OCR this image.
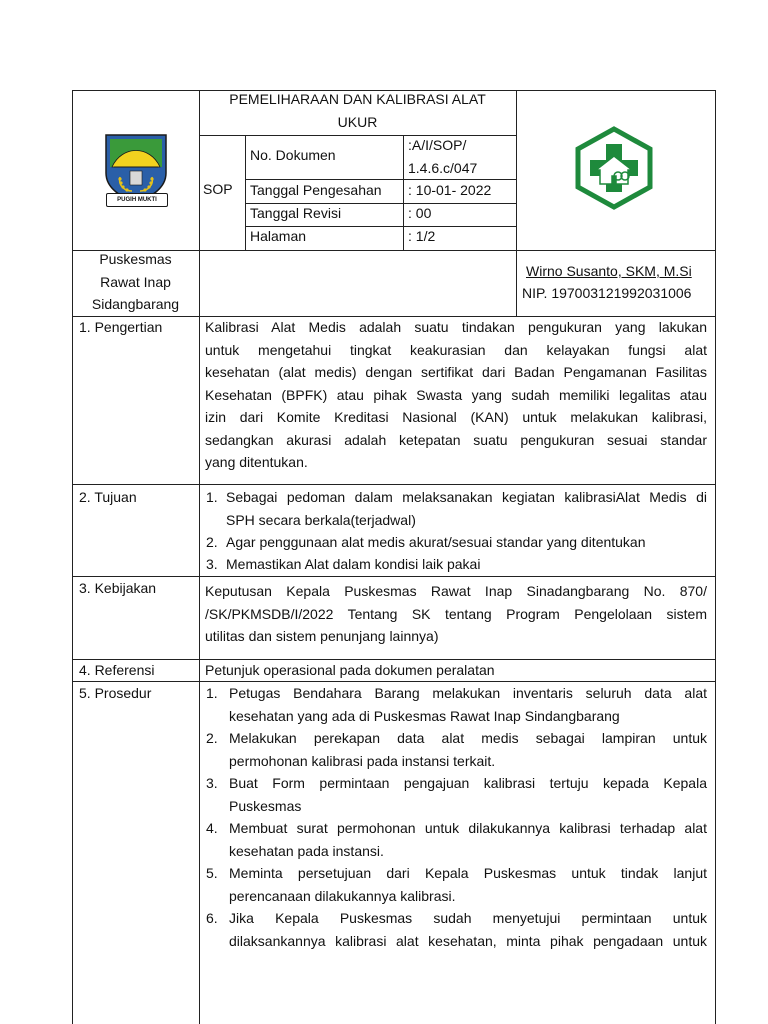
PUGIH MUKTI
PEMELIHARAAN DAN KALIBRASI ALAT
UKUR
SOP
No. Dokumen
:A/I/SOP/
1.4.6.c/047
Tanggal Pengesahan : 10-01- 2022
Tanggal Revisi	: 00
Halaman	: 1/2
Puskesmas
Rawat Inap
Sidangbarang
Wirno Susanto, SKM, M.Si
NIP. 197003121992031006
1. Pengertian	Kalibrasi Alat Medis adalah suatu tindakan pengukuran yang lakukan
untuk mengetahui tingkat keakurasian dan kelayakan fungsi alat
kesehatan (alat medis) dengan sertifikat dari Badan Pengamanan Fasilitas
Kesehatan (BPFK) atau pihak Swasta yang sudah memiliki legalitas atau
izin dari Komite Kreditasi Nasional (KAN) untuk melakukan kalibrasi,
sedangkan akurasi adalah ketepatan suatu pengukuran sesuai standar
yang ditentukan.
2. Tujuan	1. Sebagai pedoman dalam melaksanakan kegiatan kalibrasiAlat Medis di
SPH secara berkala(terjadwal)
2. Agar penggunaan alat medis akurat/sesuai standar yang ditentukan
3. Memastikan Alat dalam kondisi laik pakai
3. Kebijakan	Keputusan Kepala Puskesmas Rawat Inap Sinadangbarang No. 870/
/SK/PKMSDB/I/2022 Tentang SK tentang Program Pengelolaan sistem
utilitas dan sistem penunjang lainnya)
4. Referensi	Petunjuk operasional pada dokumen peralatan
5. Prosedur	1. Petugas Bendahara Barang melakukan inventaris seluruh data alat
kesehatan yang ada di Puskesmas Rawat Inap Sindangbarang
2. Melakukan perekapan data alat medis sebagai lampiran untuk
permohonan kalibrasi pada instansi terkait.
3. Buat Form permintaan pengajuan kalibrasi tertuju kepada Kepala
Puskesmas
4. Membuat surat permohonan untuk dilakukannya kalibrasi terhadap alat
kesehatan pada instansi.
5. Meminta persetujuan dari Kepala Puskesmas untuk tindak lanjut
perencanaan dilakukannya kalibrasi.
6. Jika Kepala Puskesmas sudah menyetujui permintaan untuk
dilaksankannya kalibrasi alat kesehatan, minta pihak pengadaan untuk
